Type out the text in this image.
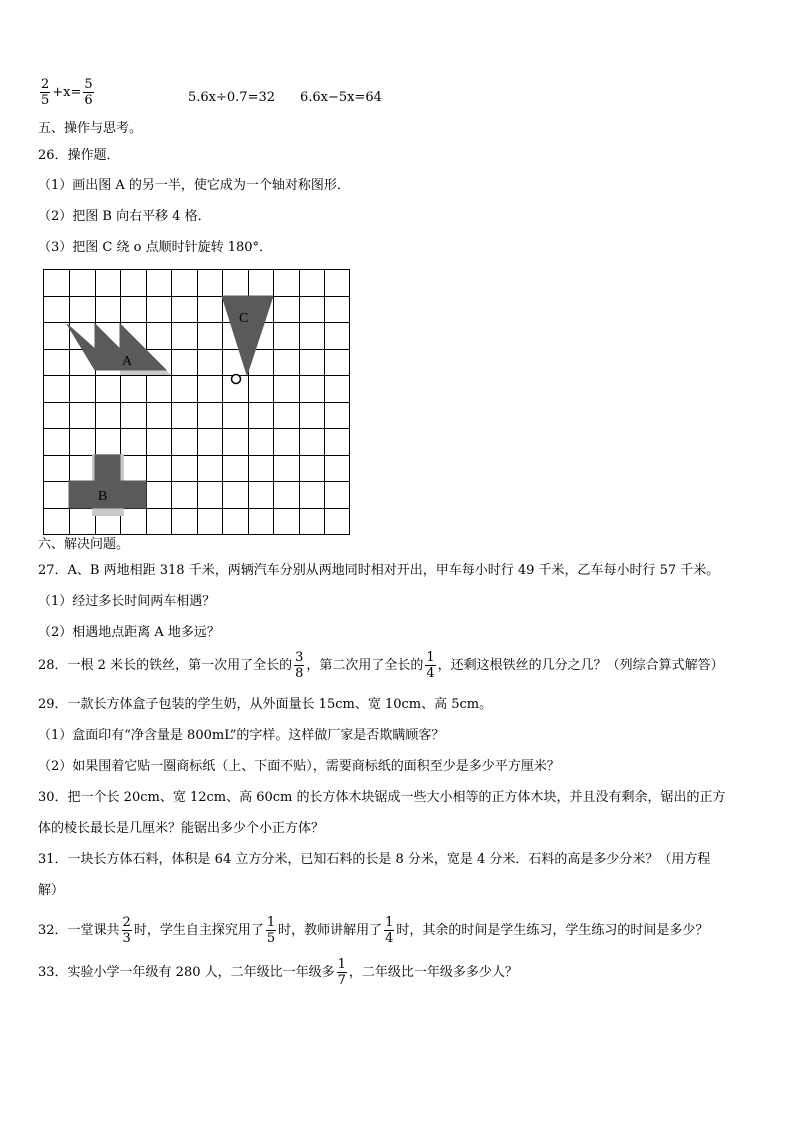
$\frac{2}{5} +x= \frac{5}{6}$	5.6x÷0.7=32 6.6x−5x=64
五、操作与思考。
26．操作题．
（1）画出图 A 的另一半，使它成为一个轴对称图形．
（2）把图 B 向右平移 4 格．
（3）把图 C 绕 o 点顺时针旋转 180°．
A
C
B
六、解决问题。
27．A、B 两地相距 318 千米，两辆汽车分别从两地同时相对开出，甲车每小时行 49 千米，乙车每小时行 57 千米。
（1）经过多长时间两车相遇？
（2）相遇地点距离 A 地多远？
28．一根 2 米长的铁丝，第一次用了全长的 $\frac{3}{8}$ ，第二次用了全长的 $\frac{1}{4}$ ，还剩这根铁丝的几分之几？（列综合算式解答）
29．一款长方体盒子包装的学生奶，从外面量长 15cm、宽 10cm、高 5cm。
（1）盒面印有“净含量是 800mL”的字样。这样做厂家是否欺瞒顾客？
（2）如果围着它贴一圈商标纸（上、下面不贴），需要商标纸的面积至少是多少平方厘米？
30．把一个长 20cm、宽 12cm、高 60cm 的长方体木块锯成一些大小相等的正方体木块，并且没有剩余，锯出的正方
体的棱长最长是几厘米？能锯出多少个小正方体？
31．一块长方体石料，体积是 64 立方分米，已知石料的长是 8 分米，宽是 4 分米．石料的高是多少分米？（用方程
解）
32．一堂课共 $\frac{2}{3}$ 时，学生自主探究用了 $\frac{1}{5}$ 时，教师讲解用了 $\frac{1}{4}$ 时，其余的时间是学生练习，学生练习的时间是多少？
33．实验小学一年级有 280 人，二年级比一年级多 $\frac{1}{7}$ ，二年级比一年级多多少人？
